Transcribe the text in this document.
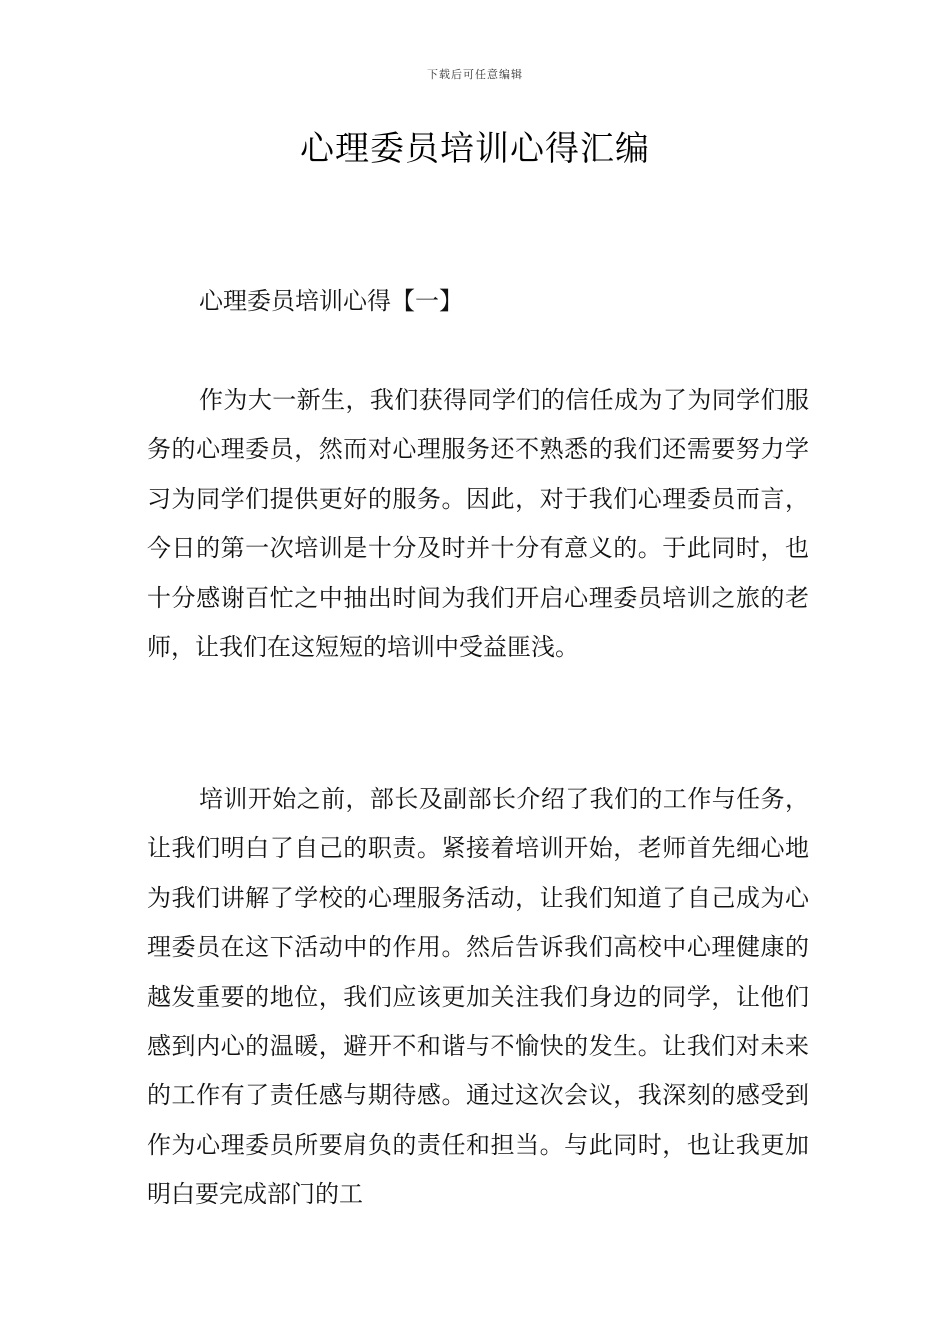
下载后可任意编辑
心理委员培训心得汇编
心理委员培训心得【一】

作为大一新生，我们获得同学们的信任成为了为同学们服务的心理委员，然而对心理服务还不熟悉的我们还需要努力学习为同学们提供更好的服务。因此，对于我们心理委员而言，今日的第一次培训是十分及时并十分有意义的。于此同时，也十分感谢百忙之中抽出时间为我们开启心理委员培训之旅的老师，让我们在这短短的培训中受益匪浅。

培训开始之前，部长及副部长介绍了我们的工作与任务，让我们明白了自己的职责。紧接着培训开始，老师首先细心地为我们讲解了学校的心理服务活动，让我们知道了自己成为心理委员在这下活动中的作用。然后告诉我们高校中心理健康的越发重要的地位，我们应该更加关注我们身边的同学，让他们感到内心的温暖，避开不和谐与不愉快的发生。让我们对未来的工作有了责任感与期待感。通过这次会议，我深刻的感受到作为心理委员所要肩负的责任和担当。与此同时，也让我更加明白要完成部门的工
